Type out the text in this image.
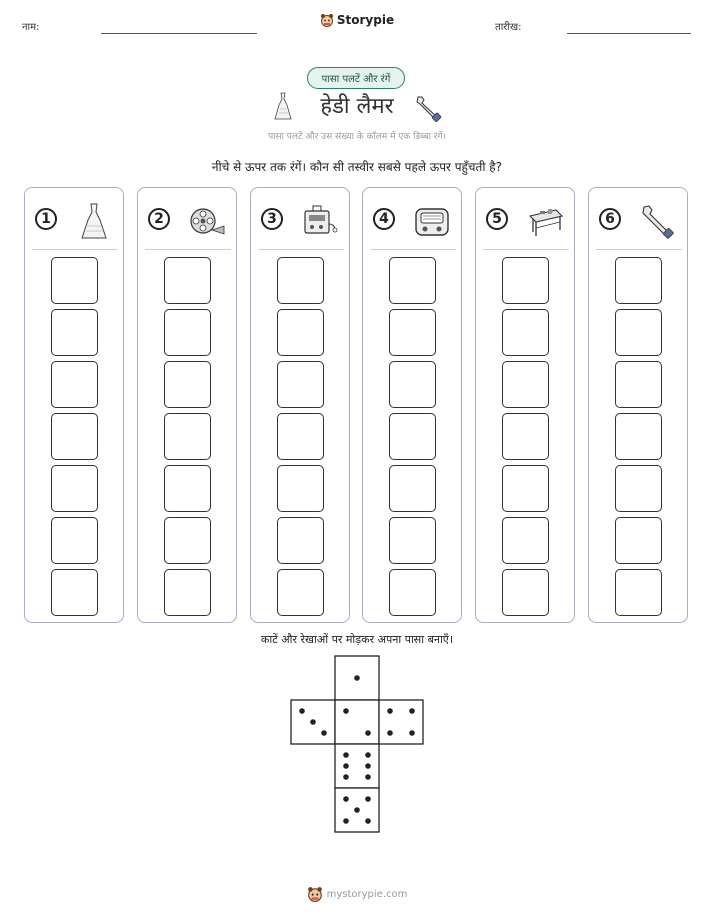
नाम:
Storypie
तारीख:
पासा पलटें और रंगें
हेडी लैमर
पासा पलटें और उस संख्या के कॉलम में एक डिब्बा रंगें।
नीचे से ऊपर तक रंगें। कौन सी तस्वीर सबसे पहले ऊपर पहुँचती है?
1	2	3	4	5	6
काटें और रेखाओं पर मोड़कर अपना पासा बनाएँ।
mystorypie.com
